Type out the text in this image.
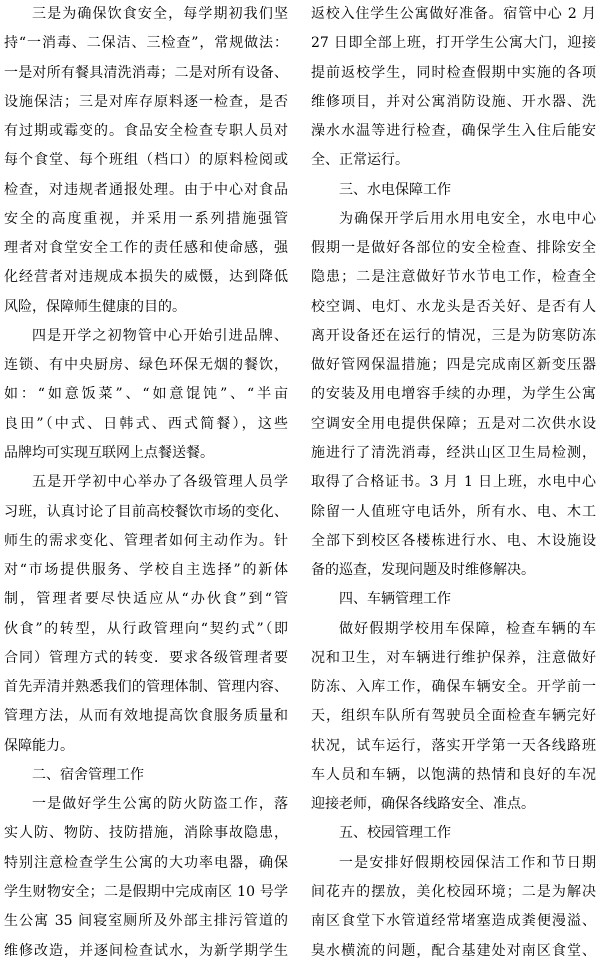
三是为确保饮食安全，每学期初我们坚
持“一消毒、二保洁、三检查”，常规做法：
一是对所有餐具清洗消毒；二是对所有设备、
设施保洁；三是对库存原料逐一检查，是否
有过期或霉变的。食品安全检查专职人员对
每个食堂、每个班组（档口）的原料检阅或
检查，对违规者通报处理。由于中心对食品
安全的高度重视，并采用一系列措施强管
理者对食堂安全工作的责任感和使命感，强
化经营者对违规成本损失的威慑，达到降低
风险，保障师生健康的目的。
四是开学之初物管中心开始引进品牌、
连锁、有中央厨房、绿色环保无烟的餐饮，
如：“如意饭菜”、“如意馄饨”、“半亩
良田”（中式、日韩式、西式简餐），这些
品牌均可实现互联网上点餐送餐。
五是开学初中心举办了各级管理人员学
习班，认真讨论了目前高校餐饮市场的变化、
师生的需求变化、管理者如何主动作为。针
对“市场提供服务、学校自主选择”的新体
制，管理者要尽快适应从“办伙食”到“管
伙食”的转型，从行政管理向“契约式”（即
合同）管理方式的转变．要求各级管理者要
首先弄清并熟悉我们的管理体制、管理内容、
管理方法，从而有效地提高饮食服务质量和
保障能力。
二、宿舍管理工作
一是做好学生公寓的防火防盗工作，落
实人防、物防、技防措施，消除事故隐患，
特别注意检查学生公寓的大功率电器，确保
学生财物安全；二是假期中完成南区 10 号学
生公寓 35 间寝室厕所及外部主排污管道的
维修改造，并逐间检查试水，为新学期学生
返校入住学生公寓做好准备。宿管中心 2 月
27 日即全部上班，打开学生公寓大门，迎接
提前返校学生，同时检查假期中实施的各项
维修项目，并对公寓消防设施、开水器、洗
澡水水温等进行检查，确保学生入住后能安
全、正常运行。
三、水电保障工作
为确保开学后用水用电安全，水电中心
假期一是做好各部位的安全检查、排除安全
隐患；二是注意做好节水节电工作，检查全
校空调、电灯、水龙头是否关好、是否有人
离开设备还在运行的情况，三是为防寒防冻
做好管网保温措施；四是完成南区新变压器
的安装及用电增容手续的办理，为学生公寓
空调安全用电提供保障；五是对二次供水设
施进行了清洗消毒，经洪山区卫生局检测，
取得了合格证书。3 月 1 日上班，水电中心
除留一人值班守电话外，所有水、电、木工
全部下到校区各楼栋进行水、电、木设施设
备的巡查，发现问题及时维修解决。
四、车辆管理工作
做好假期学校用车保障，检查车辆的车
况和卫生，对车辆进行维护保养，注意做好
防冻、入库工作，确保车辆安全。开学前一
天，组织车队所有驾驶员全面检查车辆完好
状况，试车运行，落实开学第一天各线路班
车人员和车辆，以饱满的热情和良好的车况
迎接老师，确保各线路安全、准点。
五、校园管理工作
一是安排好假期校园保洁工作和节日期
间花卉的摆放，美化校园环境；二是为解决
南区食堂下水管道经常堵塞造成粪便漫溢、
臭水横流的问题，配合基建处对南区食堂、
